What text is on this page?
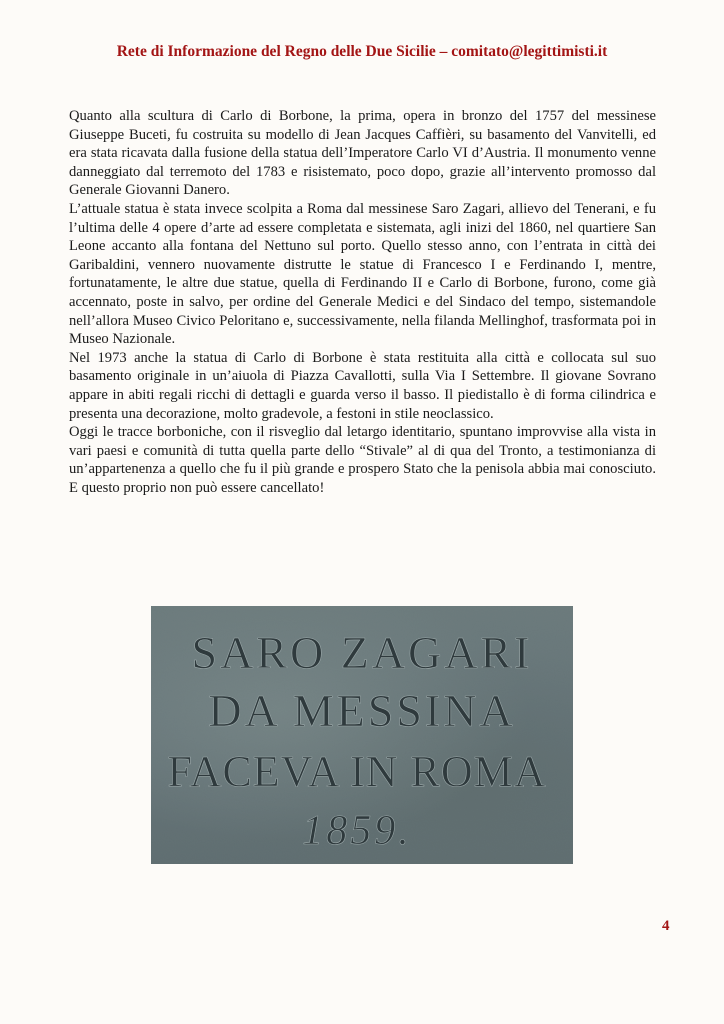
Rete di Informazione del Regno delle Due Sicilie – comitato@legittimisti.it

Quanto alla scultura di Carlo di Borbone, la prima, opera in bronzo del 1757 del messinese Giuseppe Buceti, fu costruita su modello di Jean Jacques Caffièri, su basamento del Vanvitelli, ed era stata ricavata dalla fusione della statua dell’Imperatore Carlo VI d’Austria. Il monumento venne danneggiato dal terremoto del 1783 e risistemato, poco dopo, grazie all’intervento promosso dal Generale Giovanni Danero.

L’attuale statua è stata invece scolpita a Roma dal messinese Saro Zagari, allievo del Tenerani, e fu l’ultima delle 4 opere d’arte ad essere completata e sistemata, agli inizi del 1860, nel quartiere San Leone accanto alla fontana del Nettuno sul porto. Quello stesso anno, con l’entrata in città dei Garibaldini, vennero nuovamente distrutte le statue di Francesco I e Ferdinando I, mentre, fortunatamente, le altre due statue, quella di Ferdinando II e Carlo di Borbone, furono, come già accennato, poste in salvo, per ordine del Generale Medici e del Sindaco del tempo, sistemandole nell’allora Museo Civico Peloritano e, successivamente, nella filanda Mellinghof, trasformata poi in Museo Nazionale.

Nel 1973 anche la statua di Carlo di Borbone è stata restituita alla città e collocata sul suo basamento originale in un’aiuola di Piazza Cavallotti, sulla Via I Settembre. Il giovane Sovrano appare in abiti regali ricchi di dettagli e guarda verso il basso. Il piedistallo è di forma cilindrica e presenta una decorazione, molto gradevole, a festoni in stile neoclassico.

Oggi le tracce borboniche, con il risveglio dal letargo identitario, spuntano improvvise alla vista in vari paesi e comunità di tutta quella parte dello “Stivale” al di qua del Tronto, a testimonianza di un’appartenenza a quello che fu il più grande e prospero Stato che la penisola abbia mai conosciuto. E questo proprio non può essere cancellato!

SARO ZAGARI
DA MESSINA
FACEVA IN ROMA
1859.
4
